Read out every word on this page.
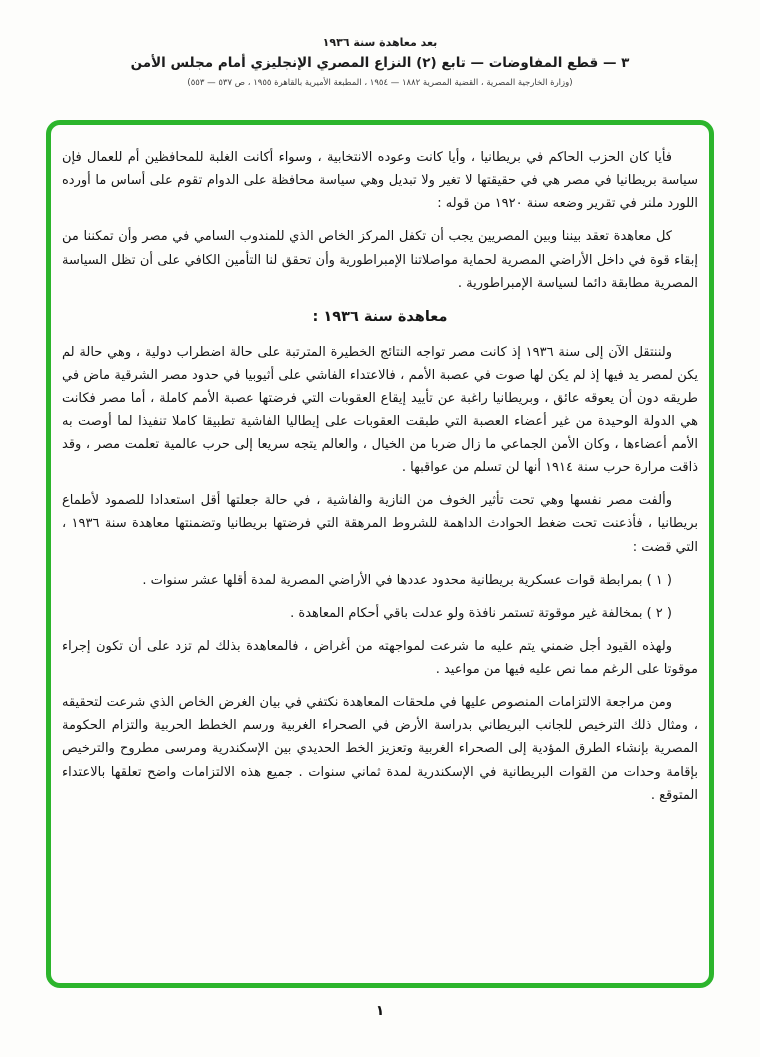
بعد معاهدة سنة ١٩٣٦
٣ — قطع المفاوضات — تابع (٢) النزاع المصري الإنجليزي أمام مجلس الأمن
(وزارة الخارجية المصرية ، القضية المصرية ١٨٨٢ — ١٩٥٤ ، المطبعة الأميرية بالقاهرة ١٩٥٥ ، ص ٥٣٧ — ٥٥٣)

فأيا كان الحزب الحاكم في بريطانيا ، وأيا كانت وعوده الانتخابية ، وسواء أكانت الغلبة للمحافظين أم للعمال فإن سياسة بريطانيا في مصر هي في حقيقتها لا تغير ولا تبديل وهي سياسة محافظة على الدوام تقوم على أساس ما أورده اللورد ملنر في تقرير وضعه سنة ١٩٢٠ من قوله :

كل معاهدة تعقد بيننا وبين المصريين يجب أن تكفل المركز الخاص الذي للمندوب السامي في مصر وأن تمكننا من إبقاء قوة في داخل الأراضي المصرية لحماية مواصلاتنا الإمبراطورية وأن تحقق لنا التأمين الكافي على أن تظل السياسة المصرية مطابقة دائما لسياسة الإمبراطورية .

معاهدة سنة ١٩٣٦ :

ولننتقل الآن إلى سنة ١٩٣٦ إذ كانت مصر تواجه النتائج الخطيرة المترتبة على حالة اضطراب دولية ، وهي حالة لم يكن لمصر يد فيها إذ لم يكن لها صوت في عصبة الأمم ، فالاعتداء الفاشي على أثيوبيا في حدود مصر الشرقية ماض في طريقه دون أن يعوقه عائق ، وبريطانيا راغبة عن تأييد إيقاع العقوبات التي فرضتها عصبة الأمم كاملة ، أما مصر فكانت هي الدولة الوحيدة من غير أعضاء العصبة التي طبقت العقوبات على إيطاليا الفاشية تطبيقا كاملا تنفيذا لما أوصت به الأمم أعضاءها ، وكان الأمن الجماعي ما زال ضربا من الخيال ، والعالم يتجه سريعا إلى حرب عالمية تعلمت مصر ، وقد ذاقت مرارة حرب سنة ١٩١٤ أنها لن تسلم من عواقبها .

وألفت مصر نفسها وهي تحت تأثير الخوف من النازية والفاشية ، في حالة جعلتها أقل استعدادا للصمود لأطماع بريطانيا ، فأذعنت تحت ضغط الحوادث الداهمة للشروط المرهقة التي فرضتها بريطانيا وتضمنتها معاهدة سنة ١٩٣٦ ، التي قضت :

( ١ ) بمرابطة قوات عسكرية بريطانية محدود عددها في الأراضي المصرية لمدة أقلها عشر سنوات .

( ٢ ) بمخالفة غير موقوتة تستمر نافذة ولو عدلت باقي أحكام المعاهدة .

ولهذه القيود أجل ضمني يتم عليه ما شرعت لمواجهته من أغراض ، فالمعاهدة بذلك لم تزد على أن تكون إجراء موقوتا على الرغم مما نص عليه فيها من مواعيد .

ومن مراجعة الالتزامات المنصوص عليها في ملحقات المعاهدة نكتفي في بيان الغرض الخاص الذي شرعت لتحقيقه ، ومثال ذلك الترخيص للجانب البريطاني بدراسة الأرض في الصحراء الغربية ورسم الخطط الحربية والتزام الحكومة المصرية بإنشاء الطرق المؤدية إلى الصحراء الغربية وتعزيز الخط الحديدي بين الإسكندرية ومرسى مطروح والترخيص بإقامة وحدات من القوات البريطانية في الإسكندرية لمدة ثماني سنوات . جميع هذه الالتزامات واضح تعلقها بالاعتداء المتوقع .

١
